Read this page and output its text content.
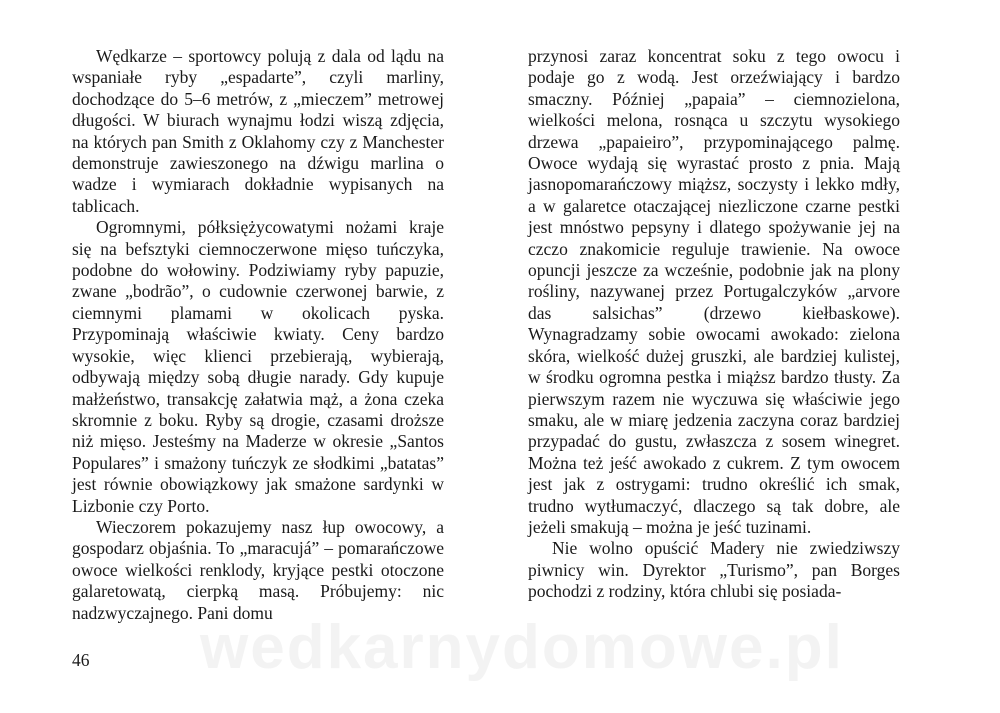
Wędkarze – sportowcy polują z dala od lądu na wspaniałe ryby „espadarte”, czyli marliny, dochodzące do 5–6 metrów, z „mieczem” metrowej długości. W biurach wynajmu łodzi wiszą zdjęcia, na których pan Smith z Oklahomy czy z Manchester demonstruje zawieszonego na dźwigu marlina o wadze i wymiarach dokładnie wypisanych na tablicach.

Ogromnymi, półksiężycowatymi nożami kraje się na befsztyki ciemnoczerwone mięso tuńczyka, podobne do wołowiny. Podziwiamy ryby papuzie, zwane „bodrão”, o cudownie czerwonej barwie, z ciemnymi plamami w okolicach pyska. Przypominają właściwie kwiaty. Ceny bardzo wysokie, więc klienci przebierają, wybierają, odbywają między sobą długie narady. Gdy kupuje małżeństwo, transakcję załatwia mąż, a żona czeka skromnie z boku. Ryby są drogie, czasami droższe niż mięso. Jesteśmy na Maderze w okresie „Santos Populares” i smażony tuńczyk ze słodkimi „batatas” jest równie obowiązkowy jak smażone sardynki w Lizbonie czy Porto.

Wieczorem pokazujemy nasz łup owocowy, a gospodarz objaśnia. To „maracujá” – pomarańczowe owoce wielkości renklody, kryjące pestki otoczone galaretowatą, cierpką masą. Próbujemy: nic nadzwyczajnego. Pani domu

przynosi zaraz koncentrat soku z tego owocu i podaje go z wodą. Jest orzeźwiający i bardzo smaczny. Później „papaia” – ciemnozielona, wielkości melona, rosnąca u szczytu wysokiego drzewa „papaieiro”, przypominającego palmę. Owoce wydają się wyrastać prosto z pnia. Mają jasnopomarańczowy miąższ, soczysty i lekko mdły, a w galaretce otaczającej niezliczone czarne pestki jest mnóstwo pepsyny i dlatego spożywanie jej na czczo znakomicie reguluje trawienie. Na owoce opuncji jeszcze za wcześnie, podobnie jak na plony rośliny, nazywanej przez Portugalczyków „arvore das salsichas” (drzewo kiełbaskowe). Wynagradzamy sobie owocami awokado: zielona skóra, wielkość dużej gruszki, ale bardziej kulistej, w środku ogromna pestka i miąższ bardzo tłusty. Za pierwszym razem nie wyczuwa się właściwie jego smaku, ale w miarę jedzenia zaczyna coraz bardziej przypadać do gustu, zwłaszcza z sosem winegret. Można też jeść awokado z cukrem. Z tym owocem jest jak z ostrygami: trudno określić ich smak, trudno wytłumaczyć, dlaczego są tak dobre, ale jeżeli smakują – można je jeść tuzinami.

Nie wolno opuścić Madery nie zwiedziwszy piwnicy win. Dyrektor „Turismo”, pan Borges pochodzi z rodziny, która chlubi się posiada-

46 wedkarnydomowe.pl
